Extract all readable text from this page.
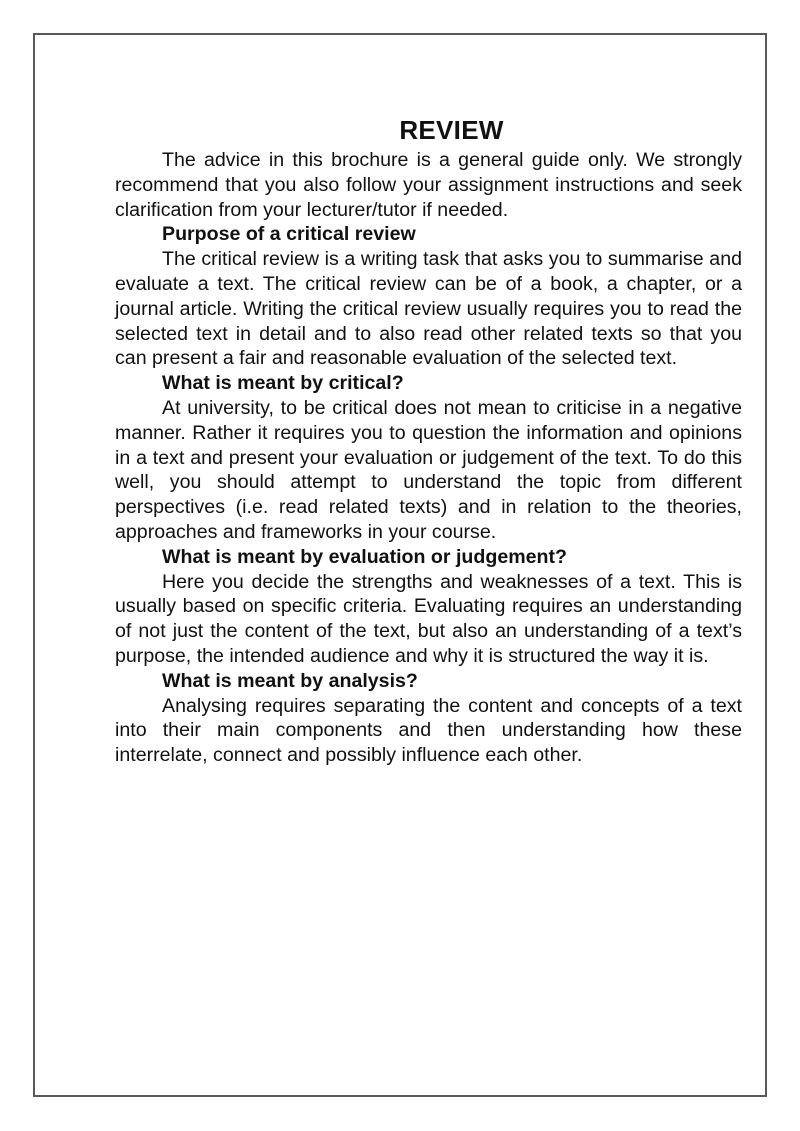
REVIEW

The advice in this brochure is a general guide only. We strongly recommend that you also follow your assignment instructions and seek clarification from your lecturer/tutor if needed.

Purpose of a critical review

The critical review is a writing task that asks you to summarise and evaluate a text. The critical review can be of a book, a chapter, or a journal article. Writing the critical review usually requires you to read the selected text in detail and to also read other related texts so that you can present a fair and reasonable evaluation of the selected text.

What is meant by critical?

At university, to be critical does not mean to criticise in a negative manner. Rather it requires you to question the information and opinions in a text and present your evaluation or judgement of the text. To do this well, you should attempt to understand the topic from different perspectives (i.e. read related texts) and in relation to the theories, approaches and frameworks in your course.

What is meant by evaluation or judgement?

Here you decide the strengths and weaknesses of a text. This is usually based on specific criteria. Evaluating requires an understanding of not just the content of the text, but also an understanding of a text’s purpose, the intended audience and why it is structured the way it is.

What is meant by analysis?

Analysing requires separating the content and concepts of a text into their main components and then understanding how these interrelate, connect and possibly influence each other.
